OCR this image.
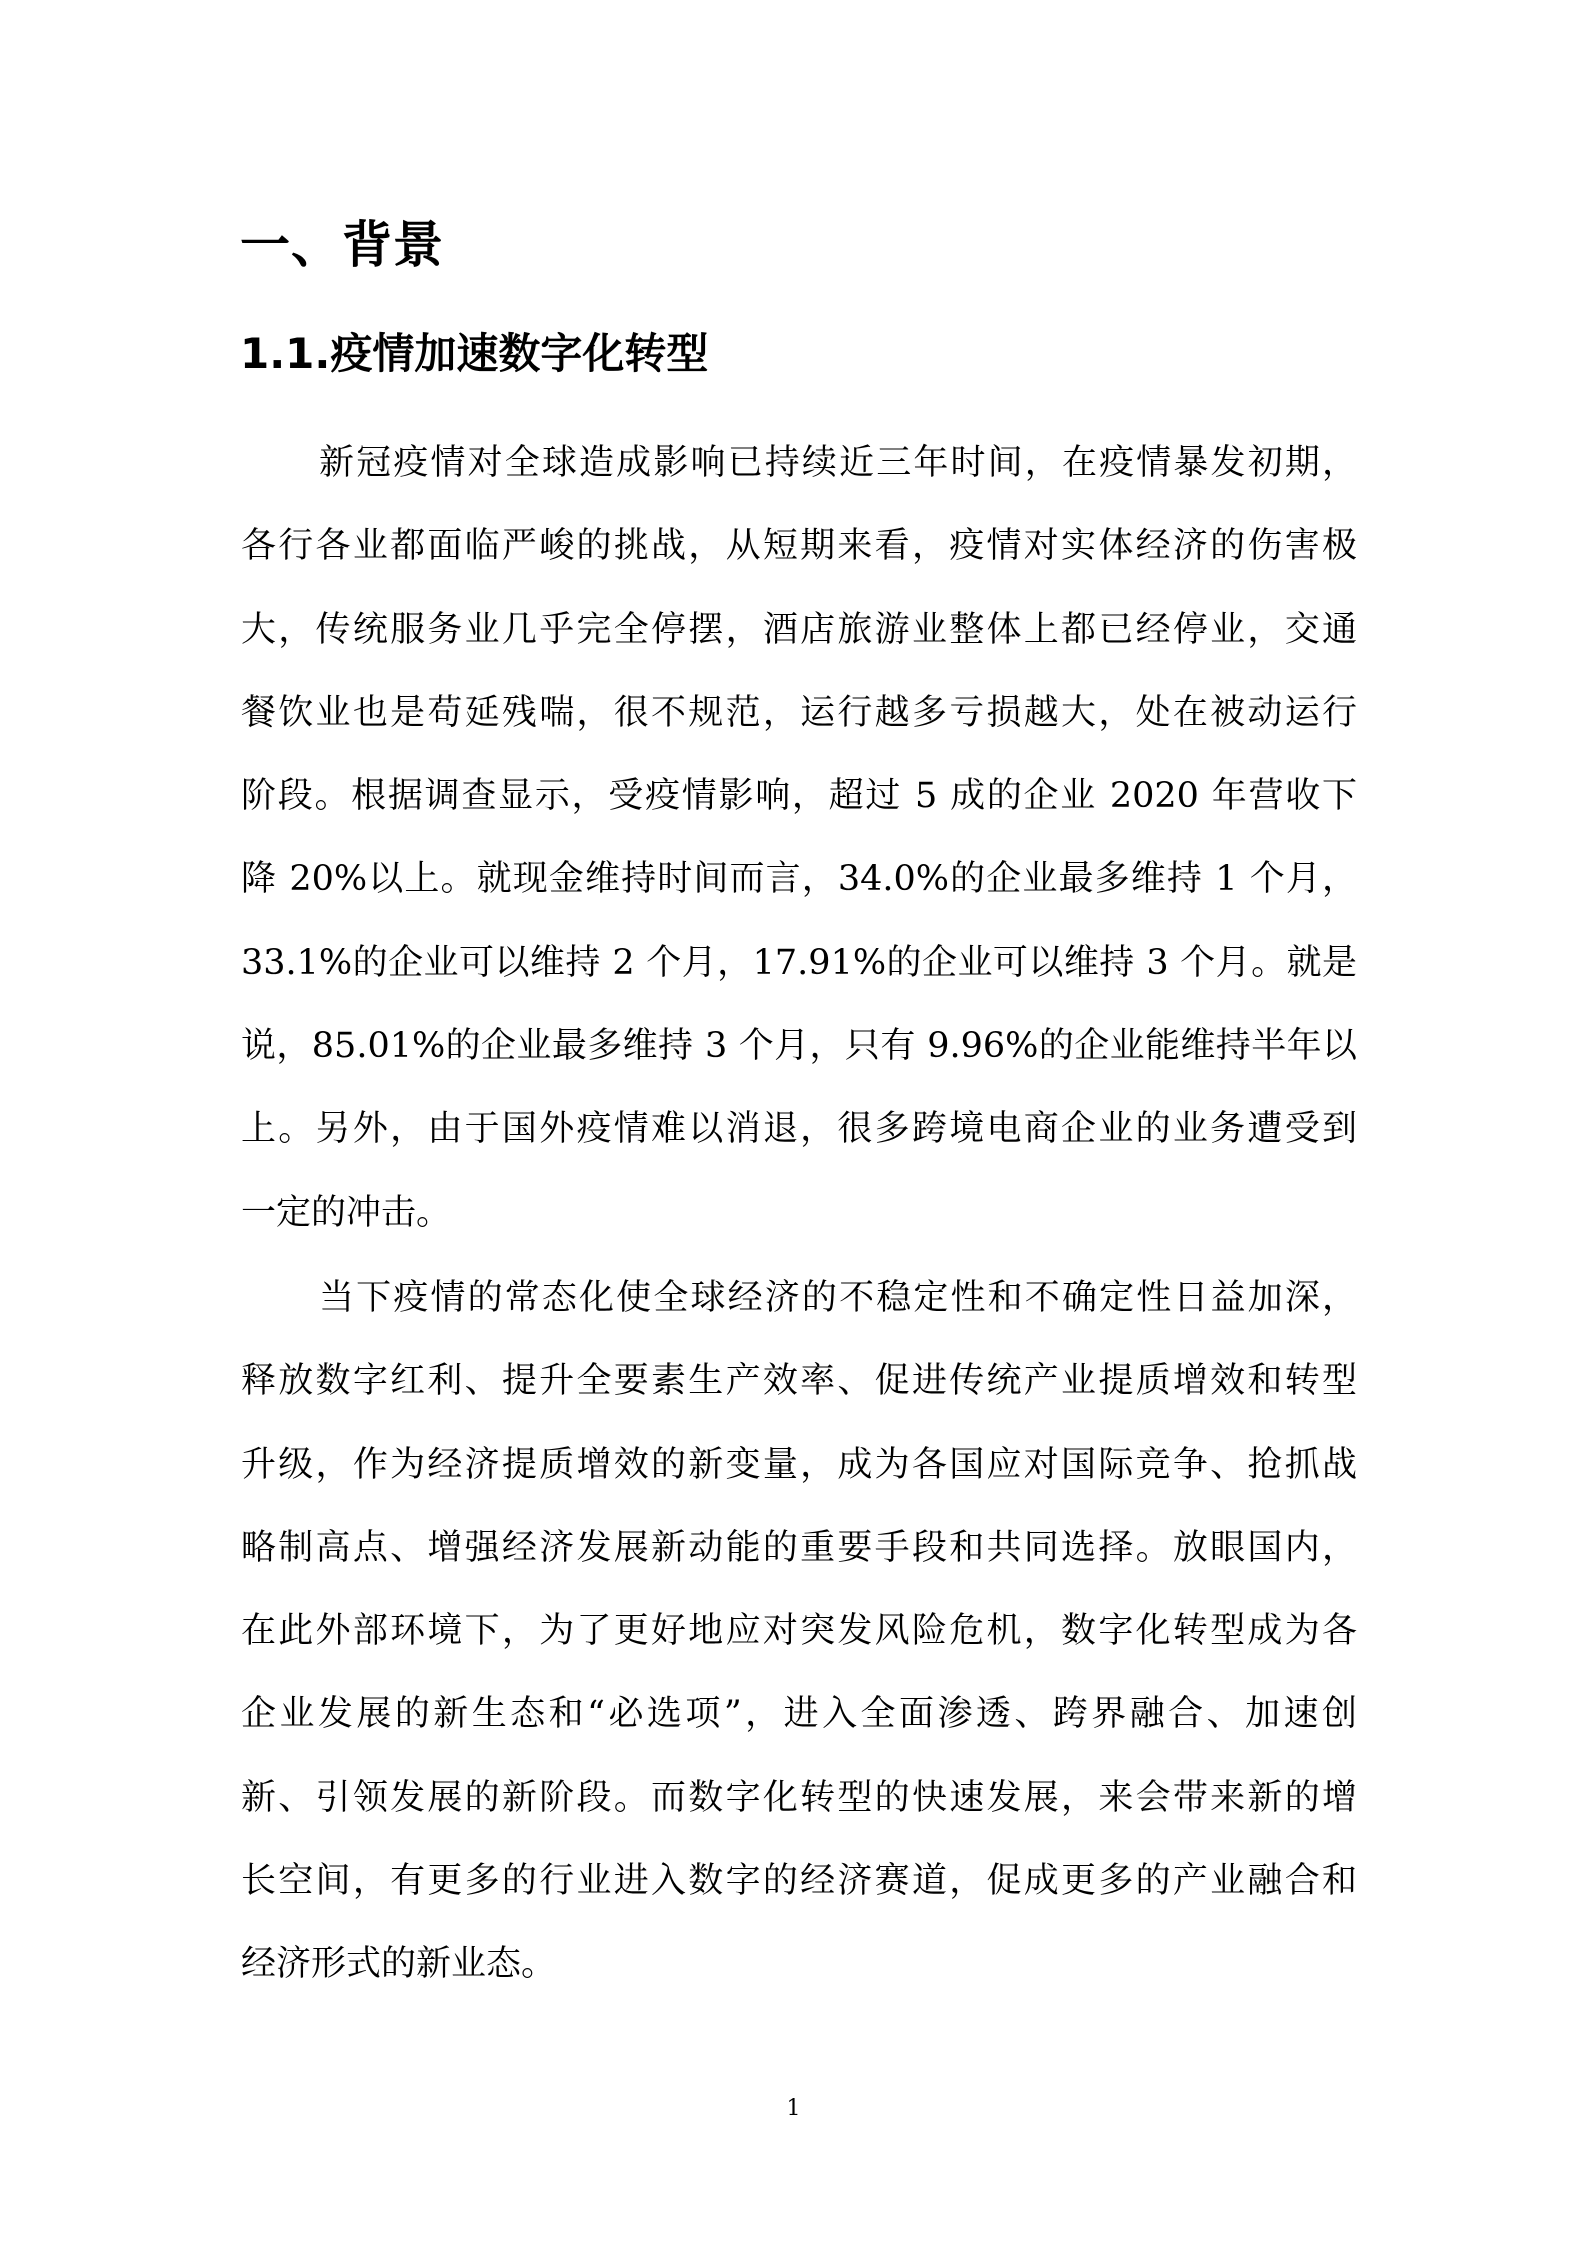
一、背景
1.1.疫情加速数字化转型
新冠疫情对全球造成影响已持续近三年时间，在疫情暴发初期，
各行各业都面临严峻的挑战，从短期来看，疫情对实体经济的伤害极
大，传统服务业几乎完全停摆，酒店旅游业整体上都已经停业，交通
餐饮业也是苟延残喘，很不规范，运行越多亏损越大，处在被动运行
阶段。根据调查显示，受疫情影响，超过 5 成的企业 2020 年营收下
降 20%以上。就现金维持时间而言，34.0%的企业最多维持 1 个月，
33.1%的企业可以维持 2 个月，17.91%的企业可以维持 3 个月。就是
说，85.01%的企业最多维持 3 个月，只有 9.96%的企业能维持半年以
上。另外，由于国外疫情难以消退，很多跨境电商企业的业务遭受到
一定的冲击。
当下疫情的常态化使全球经济的不稳定性和不确定性日益加深，
释放数字红利、提升全要素生产效率、促进传统产业提质增效和转型
升级，作为经济提质增效的新变量，成为各国应对国际竞争、抢抓战
略制高点、增强经济发展新动能的重要手段和共同选择。放眼国内，
在此外部环境下，为了更好地应对突发风险危机，数字化转型成为各
企业发展的新生态和“必选项”，进入全面渗透、跨界融合、加速创
新、引领发展的新阶段。而数字化转型的快速发展，来会带来新的增
长空间，有更多的行业进入数字的经济赛道，促成更多的产业融合和
经济形式的新业态。
1
